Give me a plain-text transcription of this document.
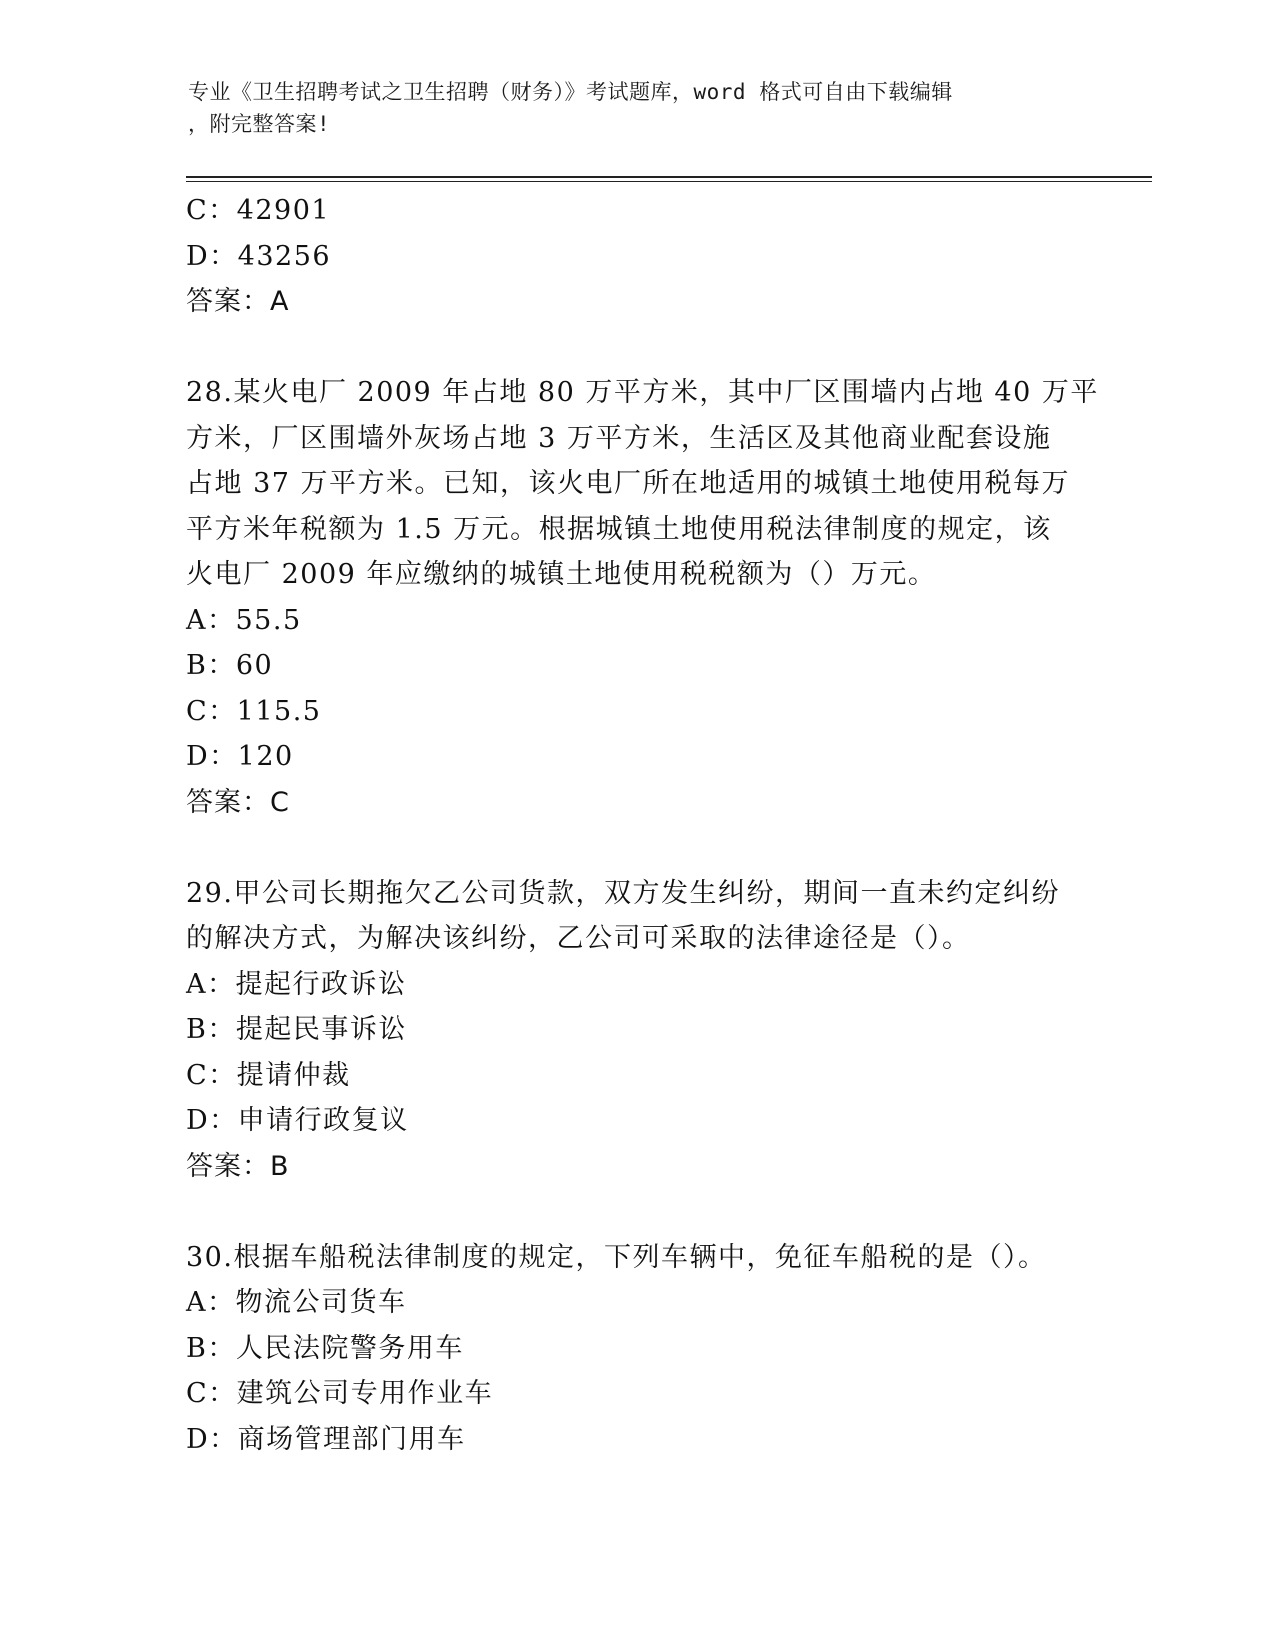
专业《卫生招聘考试之卫生招聘（财务）》考试题库，word 格式可自由下载编辑
，附完整答案!
C：42901
D：43256
答案：A
28.某火电厂 2009 年占地 80 万平方米，其中厂区围墙内占地 40 万平
方米，厂区围墙外灰场占地 3 万平方米，生活区及其他商业配套设施
占地 37 万平方米。已知，该火电厂所在地适用的城镇土地使用税每万
平方米年税额为 1.5 万元。根据城镇土地使用税法律制度的规定，该
火电厂 2009 年应缴纳的城镇土地使用税税额为（）万元。
A：55.5
B：60
C：115.5
D：120
答案：C
29.甲公司长期拖欠乙公司货款，双方发生纠纷，期间一直未约定纠纷
的解决方式，为解决该纠纷，乙公司可采取的法律途径是（）。
A：提起行政诉讼
B：提起民事诉讼
C：提请仲裁
D：申请行政复议
答案：B
30.根据车船税法律制度的规定，下列车辆中，免征车船税的是（）。
A：物流公司货车
B：人民法院警务用车
C：建筑公司专用作业车
D：商场管理部门用车
